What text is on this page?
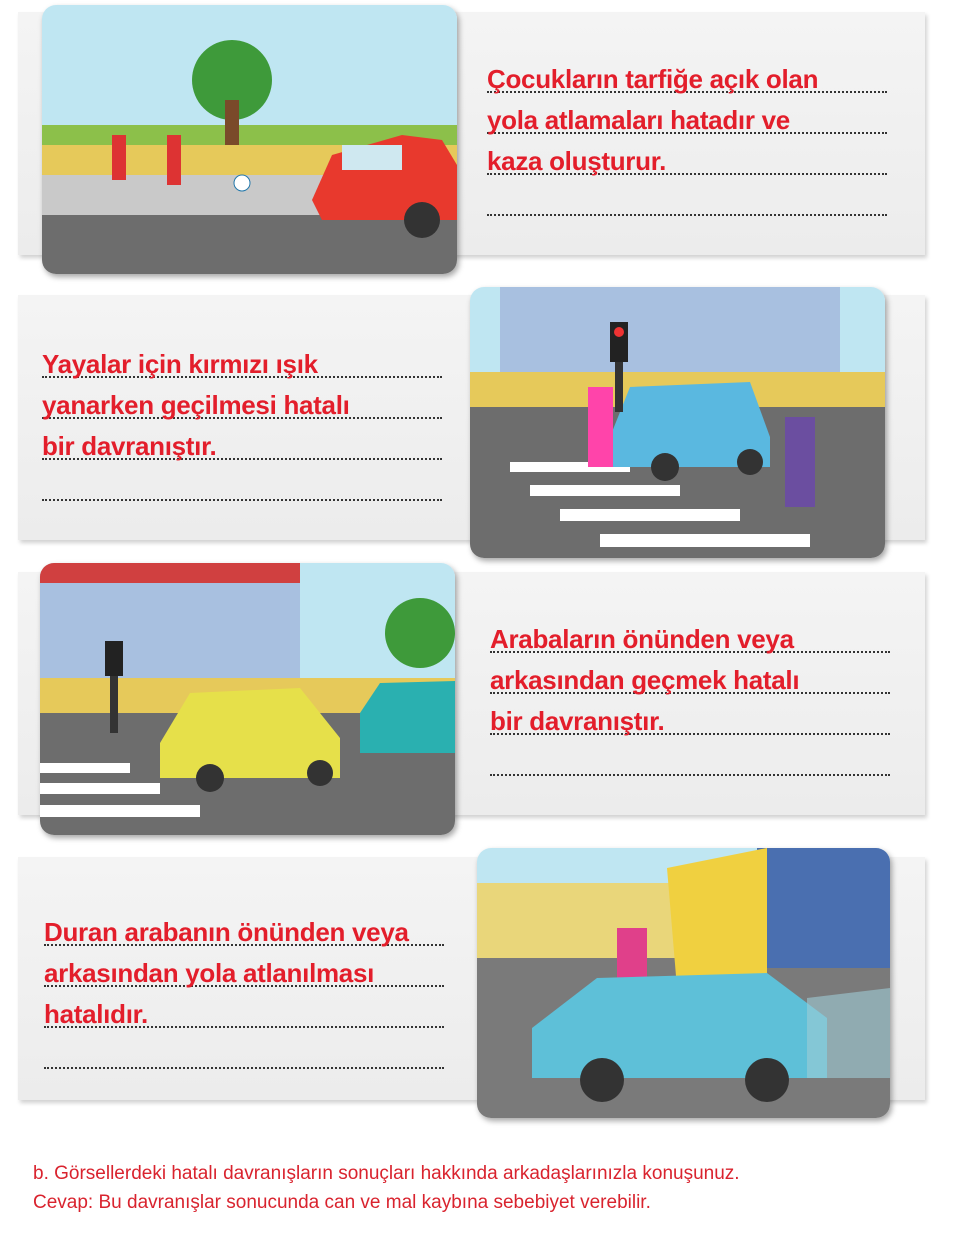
Çocukların tarfiğe açık olan
yola atlamaları hatadır ve
kaza oluşturur.
Yayalar için kırmızı ışık
yanarken geçilmesi hatalı
bir davranıştır.
Arabaların önünden veya
arkasından geçmek hatalı
bir davranıştır.
Duran arabanın önünden veya
arkasından yola atlanılması
hatalıdır.
b. Görsellerdeki hatalı davranışların sonuçları hakkında arkadaşlarınızla konuşunuz.
Cevap: Bu davranışlar sonucunda can ve mal kaybına sebebiyet verebilir.
